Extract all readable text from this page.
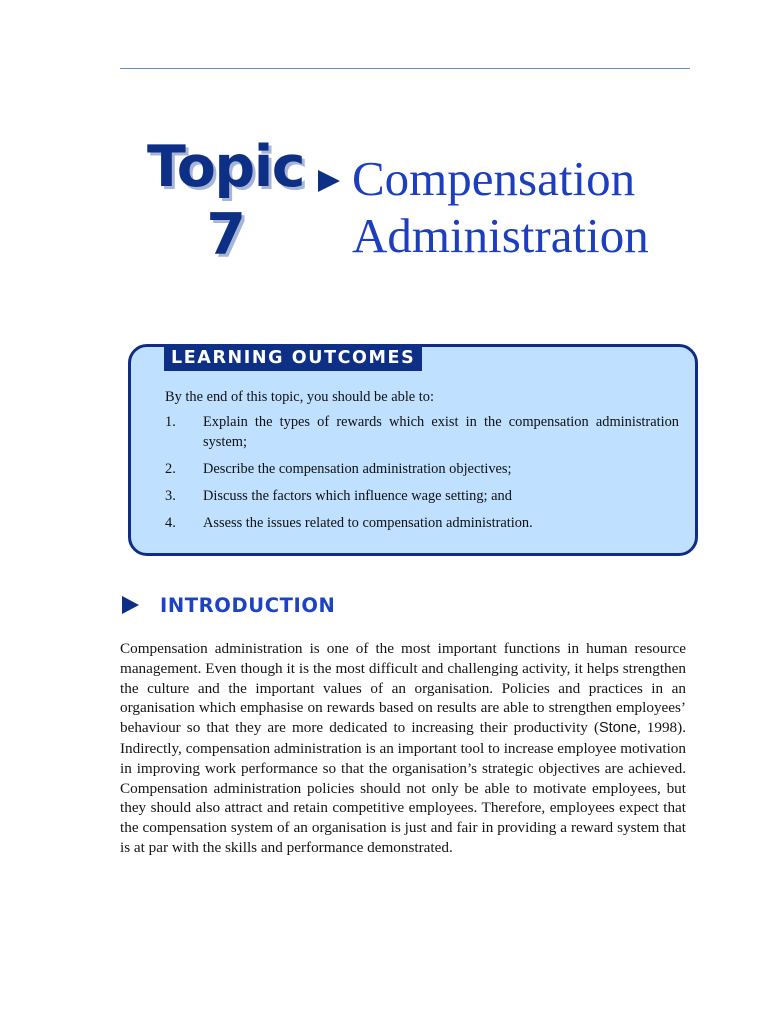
Topic
7
Compensation
Administration
LEARNING OUTCOMES
By the end of this topic, you should be able to:
1.	Explain the types of rewards which exist in the compensation administration system;
2.	Describe the compensation administration objectives;
3.	Discuss the factors which influence wage setting; and
4.	Assess the issues related to compensation administration.
INTRODUCTION

Compensation administration is one of the most important functions in human resource management. Even though it is the most difficult and challenging activity, it helps strengthen the culture and the important values of an organisation. Policies and practices in an organisation which emphasise on rewards based on results are able to strengthen employees’ behaviour so that they are more dedicated to increasing their productivity (Stone, 1998). Indirectly, compensation administration is an important tool to increase employee motivation in improving work performance so that the organisation’s strategic objectives are achieved. Compensation administration policies should not only be able to motivate employees, but they should also attract and retain competitive employees. Therefore, employees expect that the compensation system of an organisation is just and fair in providing a reward system that is at par with the skills and performance demonstrated.
